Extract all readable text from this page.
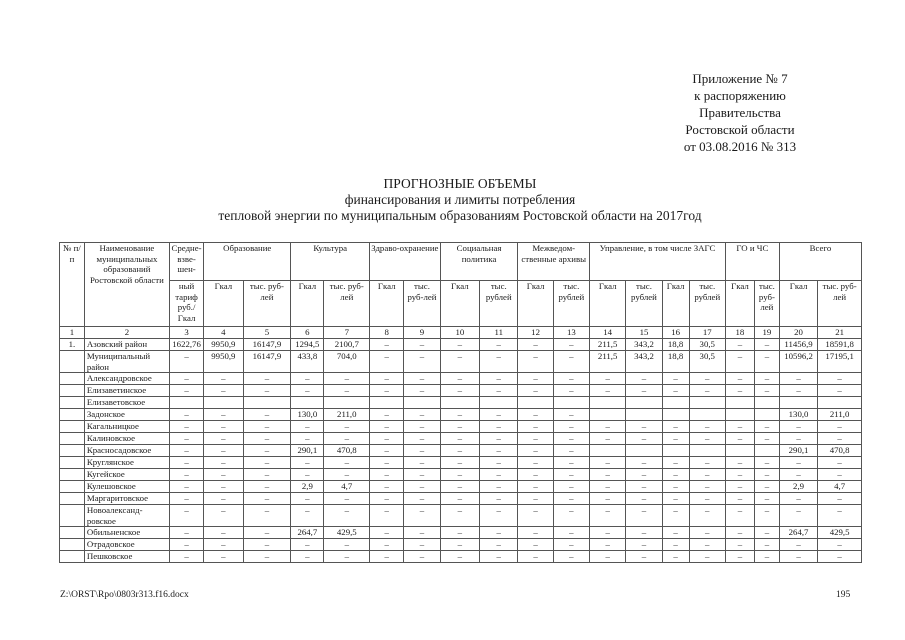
Приложение № 7
к распоряжению
Правительства
Ростовской области
от 03.08.2016 № 313
ПРОГНОЗНЫЕ ОБЪЕМЫ
финансирования и лимиты потребления
тепловой энергии по муниципальным образованиям Ростовской области на 2017год
№ п/п	Наименование муниципальных образований Ростовской области	Средне-взве-шен-	Образование		Культура		Здраво-охранение		Социальная политика		Межведом-ственные архивы		Управление, в том числе ЗАГС				ГО и ЧС		Всего	
		ный тариф руб./ Гкал	Гкал	тыс. руб-лей	Гкал	тыс. руб-лей	Гкал	тыс. руб-лей	Гкал	тыс. рублей	Гкал	тыс. рублей	Гкал	тыс. рублей	Гкал	тыс. рублей	Гкал	тыс. руб-лей	Гкал	тыс. руб-лей
1	2	3	4	5	6	7	8	9	10	11	12	13	14	15	16	17	18	19	20	21
1.	Азовский район	1622,76	9950,9	16147,9	1294,5	2100,7	–	–	–	–	–	–	211,5	343,2	18,8	30,5	–	–	11456,9	18591,8
	Муниципальный район	–	9950,9	16147,9	433,8	704,0	–	–	–	–	–	–	211,5	343,2	18,8	30,5	–	–	10596,2	17195,1
	Александровское	–	–	–	–	–	–	–	–	–	–	–	–	–	–	–	–	–	–	–
	Елизаветинское	–	–	–	–	–	–	–	–	–	–	–	–	–	–	–	–	–	–	–
	Елизаветовское																			
	Задонское	–	–	–	130,0	211,0	–	–	–	–	–	–							130,0	211,0
	Кагальницкое	–	–	–	–	–	–	–	–	–	–	–	–	–	–	–	–	–	–	–
	Калиновское	–	–	–	–	–	–	–	–	–	–	–	–	–	–	–	–	–	–	–
	Красносадовское	–	–	–	290,1	470,8	–	–	–	–	–	–							290,1	470,8
	Круглянское	–	–	–	–	–	–	–	–	–	–	–	–	–	–	–	–	–	–	–
	Кугейское	–	–	–	–	–	–	–	–	–	–	–	–	–	–	–	–	–	–	–
	Кулешовское	–	–	–	2,9	4,7	–	–	–	–	–	–	–	–	–	–	–	–	2,9	4,7
	Маргаритовское	–	–	–	–	–	–	–	–	–	–	–	–	–	–	–	–	–	–	–
	Новоалександ-ровское	–	–	–	–	–	–	–	–	–	–	–	–	–	–	–	–	–	–	–
	Обильненское	–	–	–	264,7	429,5	–	–	–	–	–	–	–	–	–	–	–	–	264,7	429,5
	Отрадовское	–	–	–	–	–	–	–	–	–	–	–	–	–	–	–	–	–	–	–
	Пешковское	–	–	–	–	–	–	–	–	–	–	–	–	–	–	–	–	–	–	–
Z:\ORST\Rpo\0803r313.f16.docx	195
